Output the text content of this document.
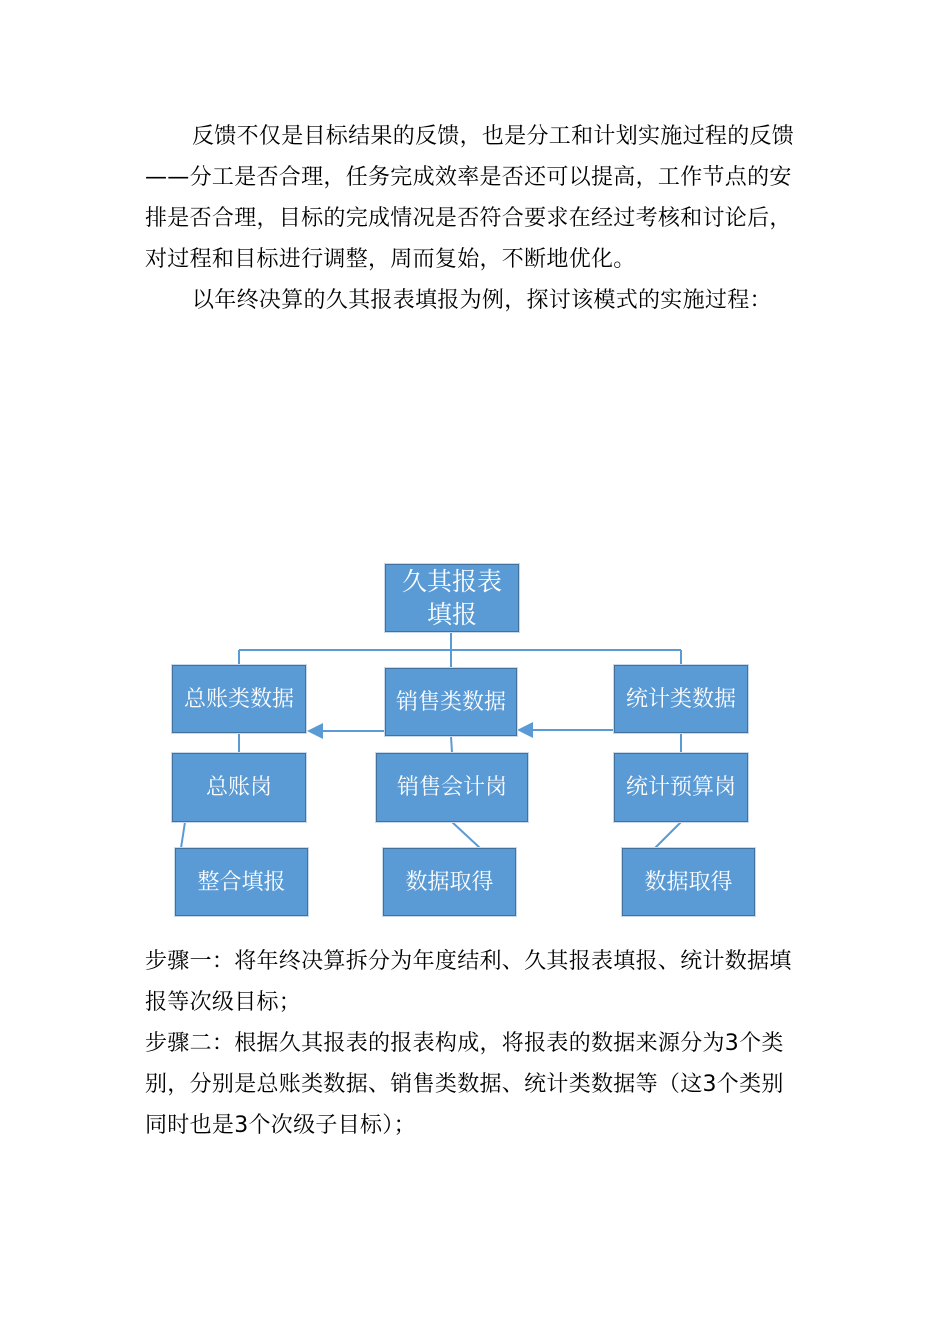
反馈不仅是目标结果的反馈，也是分工和计划实施过程的反馈——分工是否合理，任务完成效率是否还可以提高，工作节点的安排是否合理，目标的完成情况是否符合要求在经过考核和讨论后，对过程和目标进行调整，周而复始，不断地优化。

以年终决算的久其报表填报为例，探讨该模式的实施过程：

久其报表
填报
总账类数据	销售类数据	统计类数据
总账岗	销售会计岗	统计预算岗
整合填报	数据取得	数据取得

步骤一：将年终决算拆分为年度结利、久其报表填报、统计数据填报等次级目标；

步骤二：根据久其报表的报表构成，将报表的数据来源分为3个类别，分别是总账类数据、销售类数据、统计类数据等（这3个类别同时也是3个次级子目标）；
